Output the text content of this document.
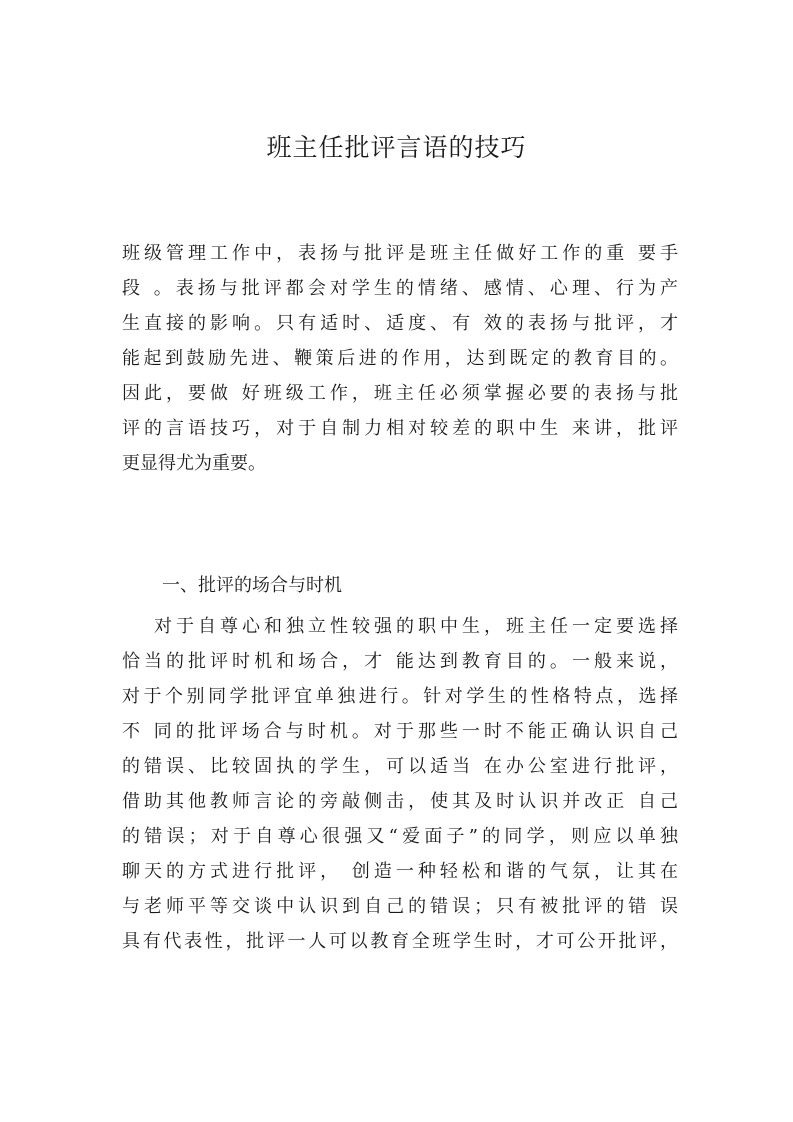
班主任批评言语的技巧
班级管理工作中，表扬与批评是班主任做好工作的重 要手
段 。表扬与批评都会对学生的情绪、感情、心理、行为产
生直接的影响。只有适时、适度、有 效的表扬与批评，才
能起到鼓励先进、鞭策后进的作用，达到既定的教育目的。
因此，要做 好班级工作，班主任必须掌握必要的表扬与批
评的言语技巧，对于自制力相对较差的职中生 来讲，批评
更显得尤为重要。
一、批评的场合与时机
对于自尊心和独立性较强的职中生，班主任一定要选择
恰当的批评时机和场合，才 能达到教育目的。一般来说，
对于个别同学批评宜单独进行。针对学生的性格特点，选择
不 同的批评场合与时机。对于那些一时不能正确认识自己
的错误、比较固执的学生，可以适当 在办公室进行批评，
借助其他教师言论的旁敲侧击，使其及时认识并改正 自己
的错误；对于自尊心很强又“爱面子”的同学，则应以单独
聊天的方式进行批评， 创造一种轻松和谐的气氛，让其在
与老师平等交谈中认识到自己的错误；只有被批评的错 误
具有代表性，批评一人可以教育全班学生时，才可公开批评，
